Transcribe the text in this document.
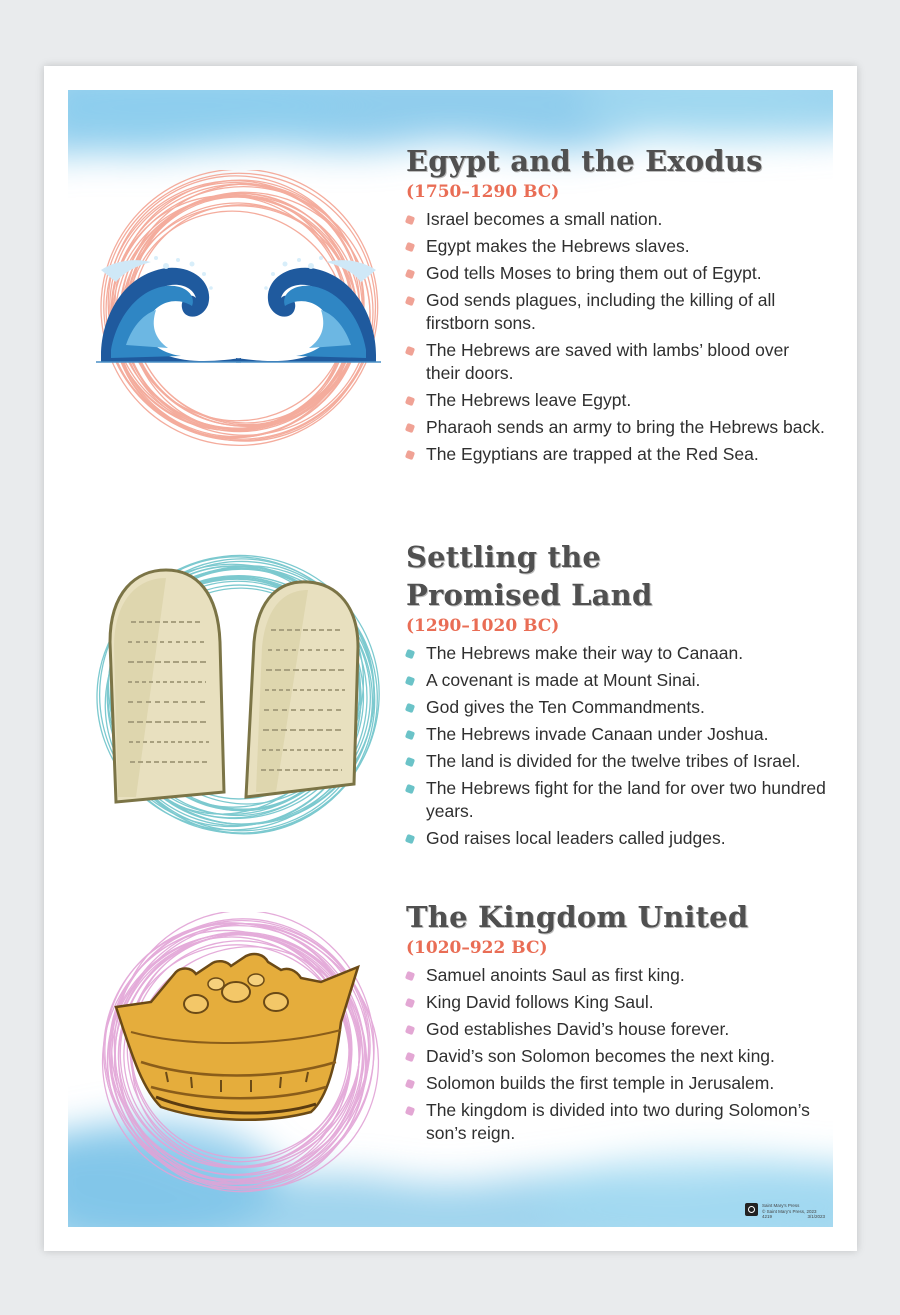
Egypt and the Exodus
(1750–1290 BC)
Israel becomes a small nation.
Egypt makes the Hebrews slaves.
God tells Moses to bring them out of Egypt.
God sends plagues, including the killing of all firstborn sons.
The Hebrews are saved with lambs’ blood over their doors.
The Hebrews leave Egypt.
Pharaoh sends an army to bring the Hebrews back.
The Egyptians are trapped at the Red Sea.
Settling the
Promised Land
(1290–1020 BC)
The Hebrews make their way to Canaan.
A covenant is made at Mount Sinai.
God gives the Ten Commandments.
The Hebrews invade Canaan under Joshua.
The land is divided for the twelve tribes of Israel.
The Hebrews fight for the land for over two hundred years.
God raises local leaders called judges.
The Kingdom United
(1020–922 BC)
Samuel anoints Saul as first king.
King David follows King Saul.
God establishes David’s house forever.
David’s son Solomon becomes the next king.
Solomon builds the first temple in Jerusalem.
The kingdom is divided into two during Solomon’s son’s reign.
Saint Mary’s Press
© Saint Mary’s Press, 2023
4219	3/1/2023
